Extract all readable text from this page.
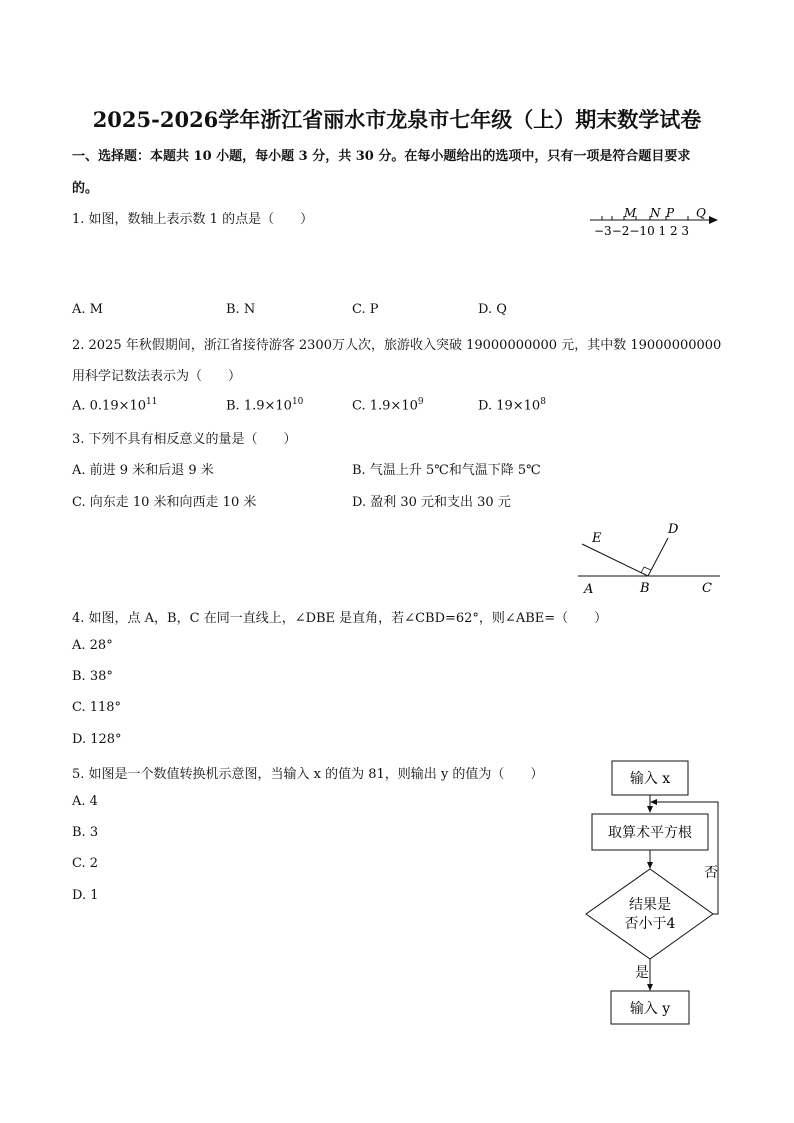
2025-2026学年浙江省丽水市龙泉市七年级（上）期末数学试卷
一、选择题：本题共 10 小题，每小题 3 分，共 30 分。在每小题给出的选项中，只有一项是符合题目要求
的。
1. 如图，数轴上表示数 1 的点是（　　）	M N P Q
−3−2−10 1 2 3
A. M	B. N	C. P	D. Q
2. 2025 年秋假期间，浙江省接待游客 2300万人次，旅游收入突破 19000000000 元，其中数 19000000000
用科学记数法表示为（　　）
A. $0.19\times 10^{11}$	B. $1.9\times 10^{10}$	C. $1.9\times 10^9$	D. $19\times 10^8$
3. 下列不具有相反意义的量是（　　）
A. 前进 9 米和后退 9 米	B. 气温上升 5℃和气温下降 5℃
C. 向东走 10 米和向西走 10 米	D. 盈利 30 元和支出 30 元
E
D
A	B	C
4. 如图，点 A，B，C 在同一直线上，∠DBE 是直角，若∠CBD=62°，则∠ABE=（　　）
A. 28°
B. 38°
C. 118°
D. 128°
5. 如图是一个数值转换机示意图，当输入 x 的值为 81，则输出 y 的值为（　　）
A. 4
B. 3
C. 2
D. 1
输入 x
取算术平方根
结果是
否小于4
否
是
输入 y
